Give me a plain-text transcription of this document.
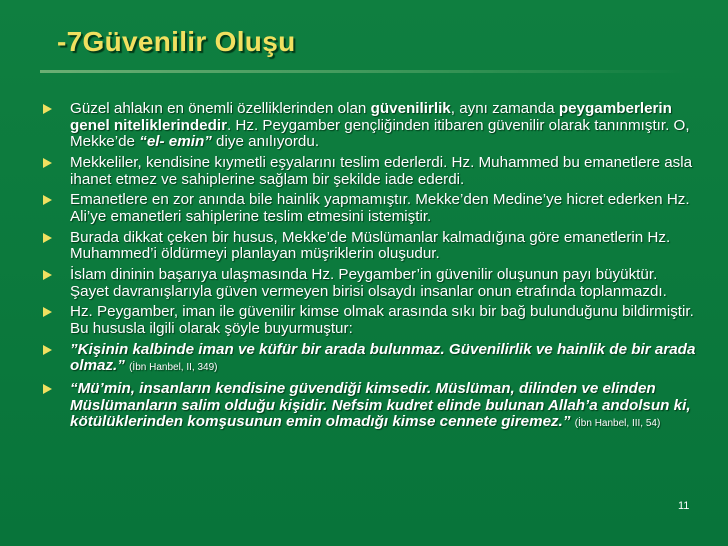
-7Güvenilir Oluşu
Güzel ahlakın en önemli özelliklerinden olan güvenilirlik, aynı zamanda peygamberlerin genel niteliklerindedir. Hz. Peygamber gençliğinden itibaren güvenilir olarak tanınmıştır. O, Mekke’de “el- emin” diye anılıyordu.
Mekkeliler, kendisine kıymetli eşyalarını teslim ederlerdi. Hz. Muhammed bu emanetlere asla ihanet etmez ve sahiplerine sağlam bir şekilde iade ederdi.
Emanetlere en zor anında bile hainlik yapmamıştır. Mekke’den Medine’ye hicret ederken Hz. Ali’ye emanetleri sahiplerine teslim etmesini istemiştir.
Burada dikkat çeken bir husus, Mekke’de Müslümanlar kalmadığına göre emanetlerin Hz. Muhammed’i öldürmeyi planlayan müşriklerin oluşudur.
İslam dininin başarıya ulaşmasında Hz. Peygamber’in güvenilir oluşunun payı büyüktür. Şayet davranışlarıyla güven vermeyen birisi olsaydı insanlar onun etrafında toplanmazdı.
Hz. Peygamber, iman ile güvenilir kimse olmak arasında sıkı bir bağ bulunduğunu bildirmiştir. Bu hususla ilgili olarak şöyle buyurmuştur:
”Kişinin kalbinde iman ve küfür bir arada bulunmaz. Güvenilirlik ve hainlik de bir arada olmaz.” (İbn Hanbel, II, 349)
“Mü’min, insanların kendisine güvendiği kimsedir. Müslüman, dilinden ve elinden Müslümanların salim olduğu kişidir. Nefsim kudret elinde bulunan Allah’a andolsun ki, kötülüklerinden komşusunun emin olmadığı kimse cennete giremez.” (İbn Hanbel, III, 54)
11
